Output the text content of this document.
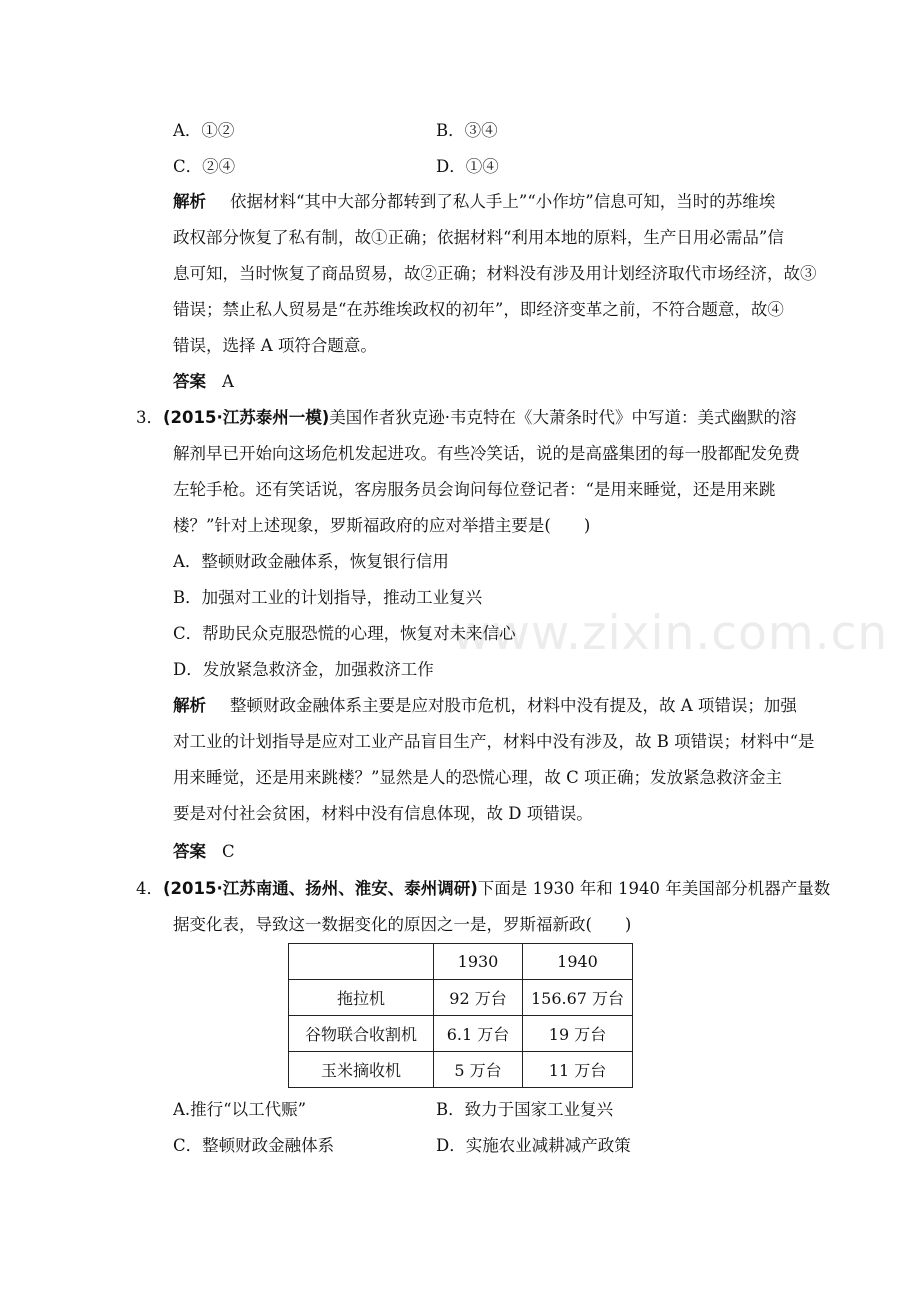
www.zixin.com.cn
A．①②	B．③④
C．②④	D．①④
解析 依据材料“其中大部分都转到了私人手上”“小作坊”信息可知，当时的苏维埃
政权部分恢复了私有制，故①正确；依据材料“利用本地的原料，生产日用必需品”信
息可知，当时恢复了商品贸易，故②正确；材料没有涉及用计划经济取代市场经济，故③
错误；禁止私人贸易是“在苏维埃政权的初年”，即经济变革之前，不符合题意，故④
错误，选择 A 项符合题意。
答案 A
3．(2015·江苏泰州一模)美国作者狄克逊·韦克特在《大萧条时代》中写道：美式幽默的溶
解剂早已开始向这场危机发起进攻。有些冷笑话，说的是高盛集团的每一股都配发免费
左轮手枪。还有笑话说，客房服务员会询问每位登记者：“是用来睡觉，还是用来跳
楼？”针对上述现象，罗斯福政府的应对举措主要是(　　)
A．整顿财政金融体系，恢复银行信用
B．加强对工业的计划指导，推动工业复兴
C．帮助民众克服恐慌的心理，恢复对未来信心
D．发放紧急救济金，加强救济工作
解析 整顿财政金融体系主要是应对股市危机，材料中没有提及，故 A 项错误；加强
对工业的计划指导是应对工业产品盲目生产，材料中没有涉及，故 B 项错误；材料中“是
用来睡觉，还是用来跳楼？”显然是人的恐慌心理，故 C 项正确；发放紧急救济金主
要是对付社会贫困，材料中没有信息体现，故 D 项错误。
答案 C
4．(2015·江苏南通、扬州、淮安、泰州调研)下面是 1930 年和 1940 年美国部分机器产量数
据变化表，导致这一数据变化的原因之一是，罗斯福新政(　　)
	1930	1940
拖拉机	92 万台	156.67 万台
谷物联合收割机	6.1 万台	19 万台
玉米摘收机	5 万台	11 万台
A.推行“以工代赈”	B．致力于国家工业复兴
C．整顿财政金融体系	D．实施农业减耕减产政策
